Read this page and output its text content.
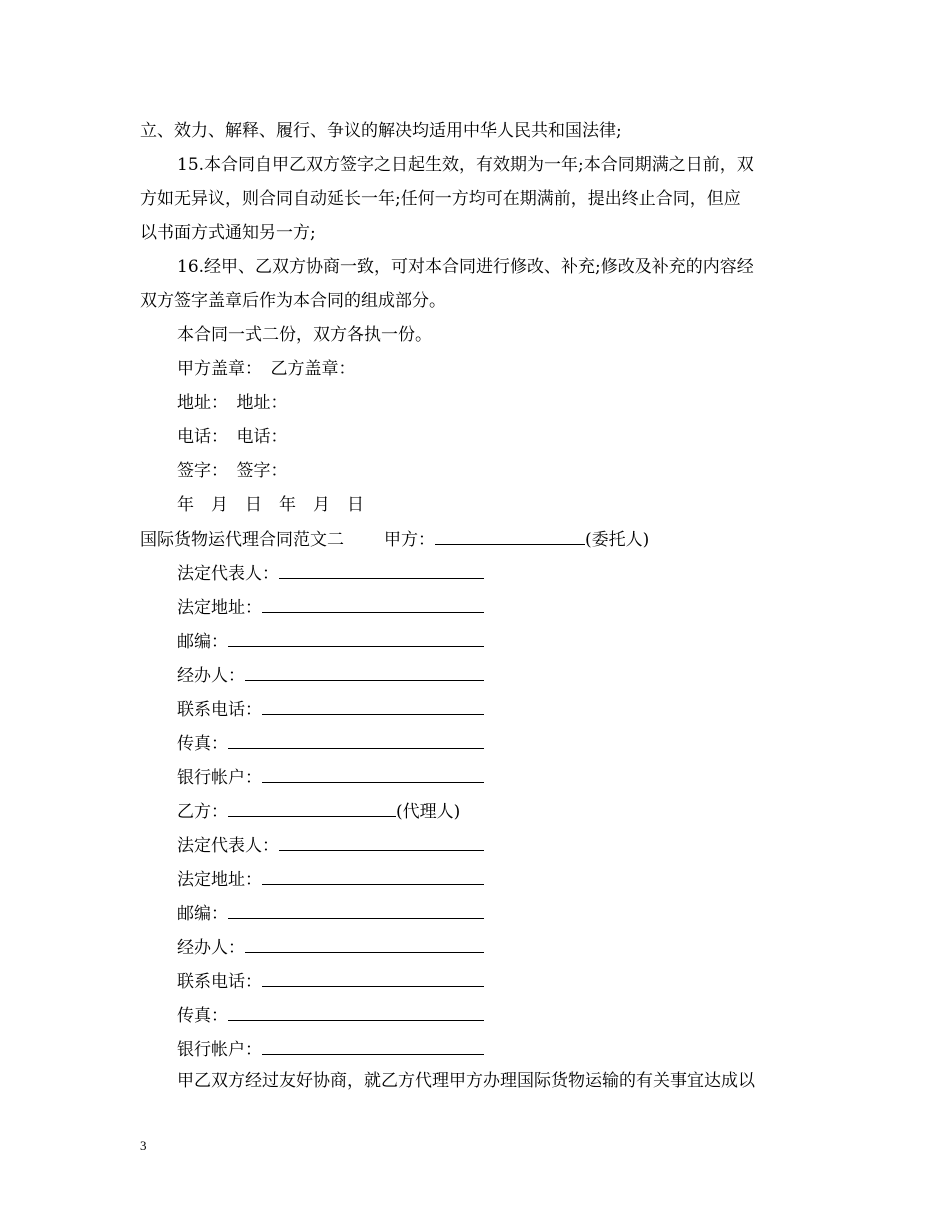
立、效力、解释、履行、争议的解决均适用中华人民共和国法律;
15.本合同自甲乙双方签字之日起生效，有效期为一年;本合同期满之日前，双
方如无异议，则合同自动延长一年;任何一方均可在期满前，提出终止合同，但应
以书面方式通知另一方;
16.经甲、乙双方协商一致，可对本合同进行修改、补充;修改及补充的内容经
双方签字盖章后作为本合同的组成部分。
本合同一式二份，双方各执一份。
甲方盖章：　乙方盖章：
地址：　地址：
电话：　电话：
签字：　签字：
年　月　日　年　月　日
国际货物运代理合同范文二 甲方：	(委托人)
法定代表人：
法定地址：
邮编：
经办人：
联系电话：
传真：
银行帐户：
乙方：	(代理人)
法定代表人：
法定地址：
邮编：
经办人：
联系电话：
传真：
银行帐户：
甲乙双方经过友好协商，就乙方代理甲方办理国际货物运输的有关事宜达成以
3
